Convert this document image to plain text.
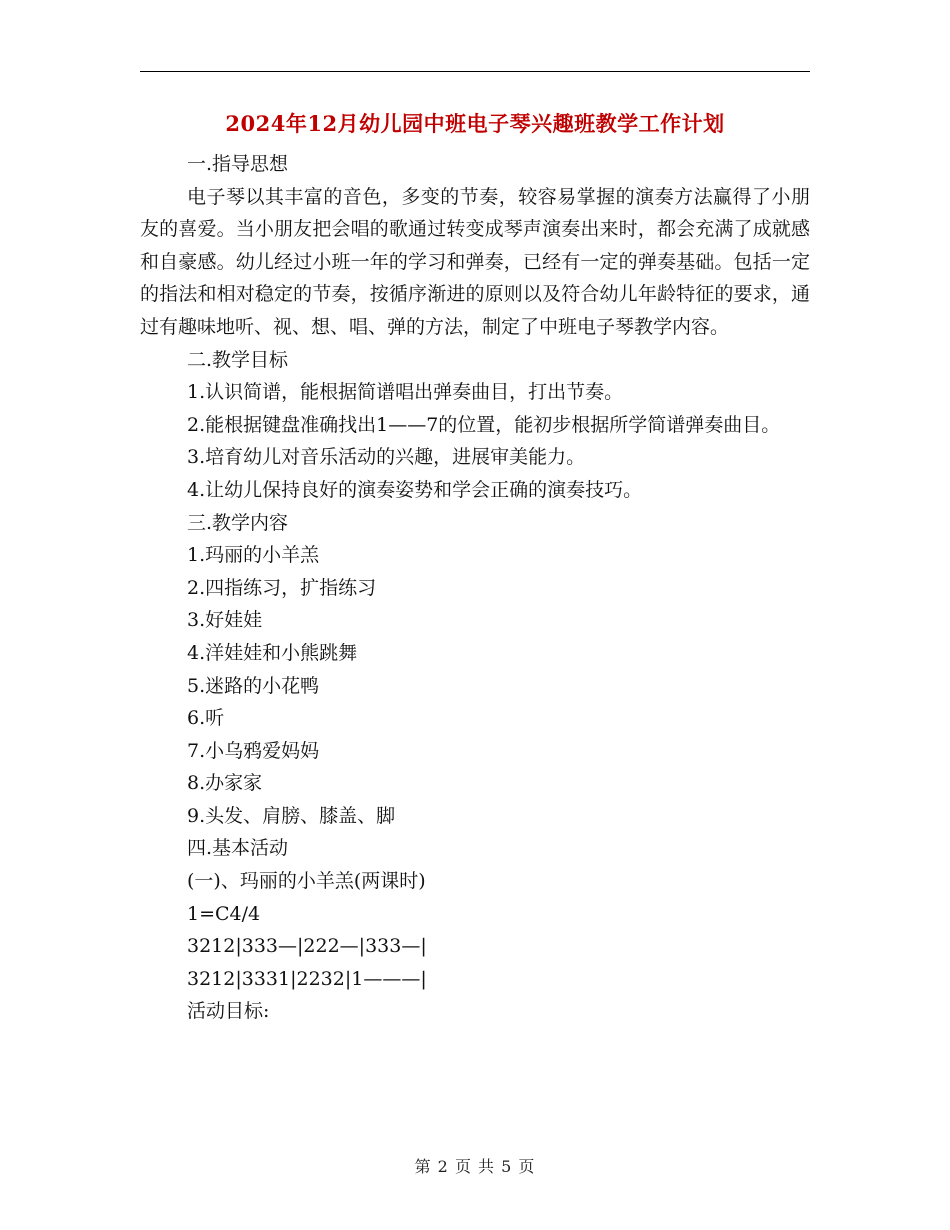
2024年12月幼儿园中班电子琴兴趣班教学工作计划

一.指导思想

电子琴以其丰富的音色，多变的节奏，较容易掌握的演奏方法赢得了小朋友的喜爱。当小朋友把会唱的歌通过转变成琴声演奏出来时，都会充满了成就感和自豪感。幼儿经过小班一年的学习和弹奏，已经有一定的弹奏基础。包括一定的指法和相对稳定的节奏，按循序渐进的原则以及符合幼儿年龄特征的要求，通过有趣味地听、视、想、唱、弹的方法，制定了中班电子琴教学内容。

二.教学目标

1.认识简谱，能根据简谱唱出弹奏曲目，打出节奏。

2.能根据键盘准确找出1——7的位置，能初步根据所学简谱弹奏曲目。

3.培育幼儿对音乐活动的兴趣，进展审美能力。

4.让幼儿保持良好的演奏姿势和学会正确的演奏技巧。

三.教学内容

1.玛丽的小羊羔

2.四指练习，扩指练习

3.好娃娃

4.洋娃娃和小熊跳舞

5.迷路的小花鸭

6.听

7.小乌鸦爱妈妈

8.办家家

9.头发、肩膀、膝盖、脚

四.基本活动

(一)、玛丽的小羊羔(两课时)

1=C4/4

3212|333—|222—|333—|

3212|3331|2232|1———|

活动目标:

第 2 页 共 5 页
